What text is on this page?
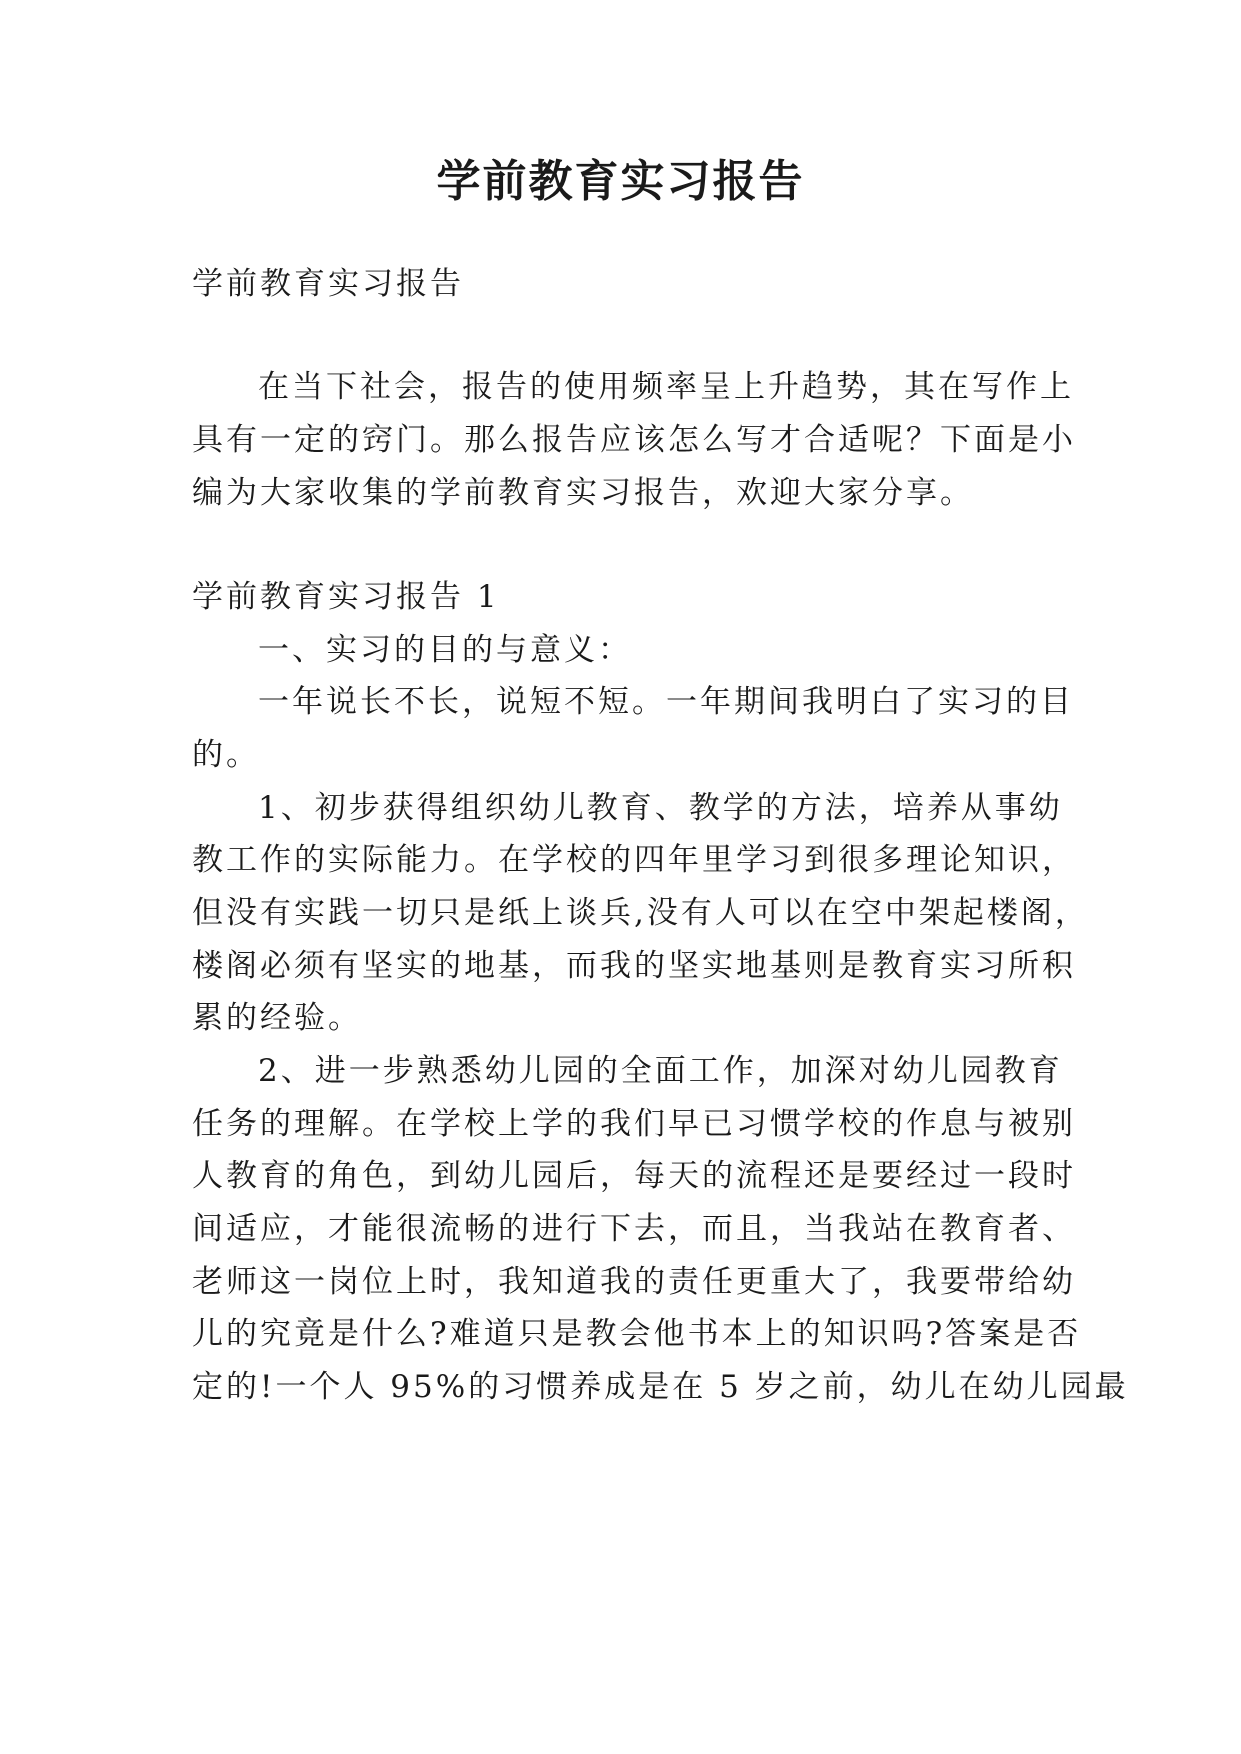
学前教育实习报告
学前教育实习报告
在当下社会，报告的使用频率呈上升趋势，其在写作上
具有一定的窍门。那么报告应该怎么写才合适呢？下面是小
编为大家收集的学前教育实习报告，欢迎大家分享。
学前教育实习报告 1
一、实习的目的与意义：
一年说长不长，说短不短。一年期间我明白了实习的目
的。
1、初步获得组织幼儿教育、教学的方法，培养从事幼
教工作的实际能力。在学校的四年里学习到很多理论知识，
但没有实践一切只是纸上谈兵,没有人可以在空中架起楼阁，
楼阁必须有坚实的地基，而我的坚实地基则是教育实习所积
累的经验。
2、进一步熟悉幼儿园的全面工作，加深对幼儿园教育
任务的理解。在学校上学的我们早已习惯学校的作息与被别
人教育的角色，到幼儿园后，每天的流程还是要经过一段时
间适应，才能很流畅的进行下去，而且，当我站在教育者、
老师这一岗位上时，我知道我的责任更重大了，我要带给幼
儿的究竟是什么?难道只是教会他书本上的知识吗?答案是否
定的!一个人 95%的习惯养成是在 5 岁之前，幼儿在幼儿园最
